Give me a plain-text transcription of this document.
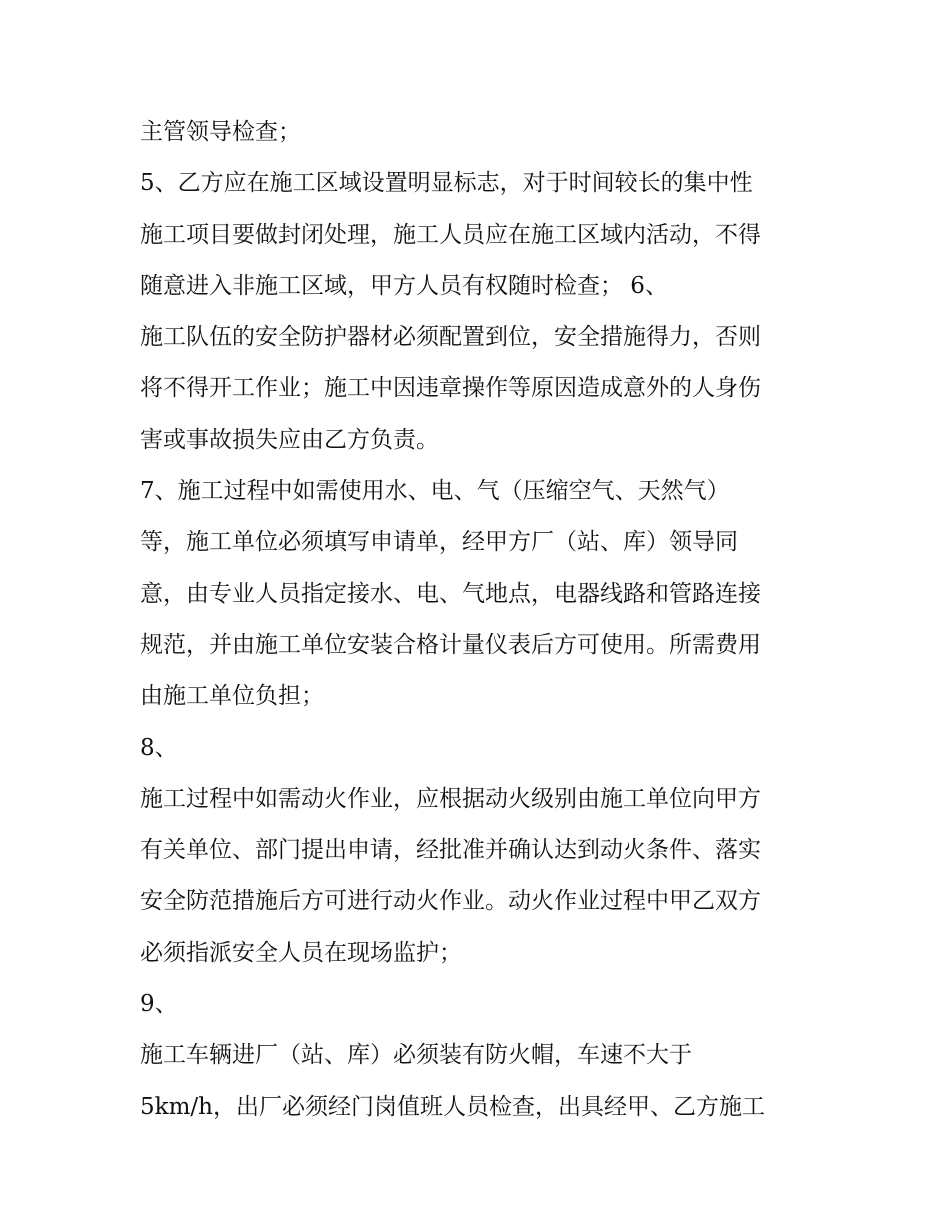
主管领导检查；
5、乙方应在施工区域设置明显标志，对于时间较长的集中性
施工项目要做封闭处理，施工人员应在施工区域内活动，不得
随意进入非施工区域，甲方人员有权随时检查； 6、
施工队伍的安全防护器材必须配置到位，安全措施得力，否则
将不得开工作业；施工中因违章操作等原因造成意外的人身伤
害或事故损失应由乙方负责。
7、施工过程中如需使用水、电、气（压缩空气、天然气）
等，施工单位必须填写申请单，经甲方厂（站、库）领导同
意，由专业人员指定接水、电、气地点，电器线路和管路连接
规范，并由施工单位安装合格计量仪表后方可使用。所需费用
由施工单位负担；
8、
施工过程中如需动火作业，应根据动火级别由施工单位向甲方
有关单位、部门提出申请，经批准并确认达到动火条件、落实
安全防范措施后方可进行动火作业。动火作业过程中甲乙双方
必须指派安全人员在现场监护；
9、
施工车辆进厂（站、库）必须装有防火帽，车速不大于
5km/h，出厂必须经门岗值班人员检查，出具经甲、乙方施工
